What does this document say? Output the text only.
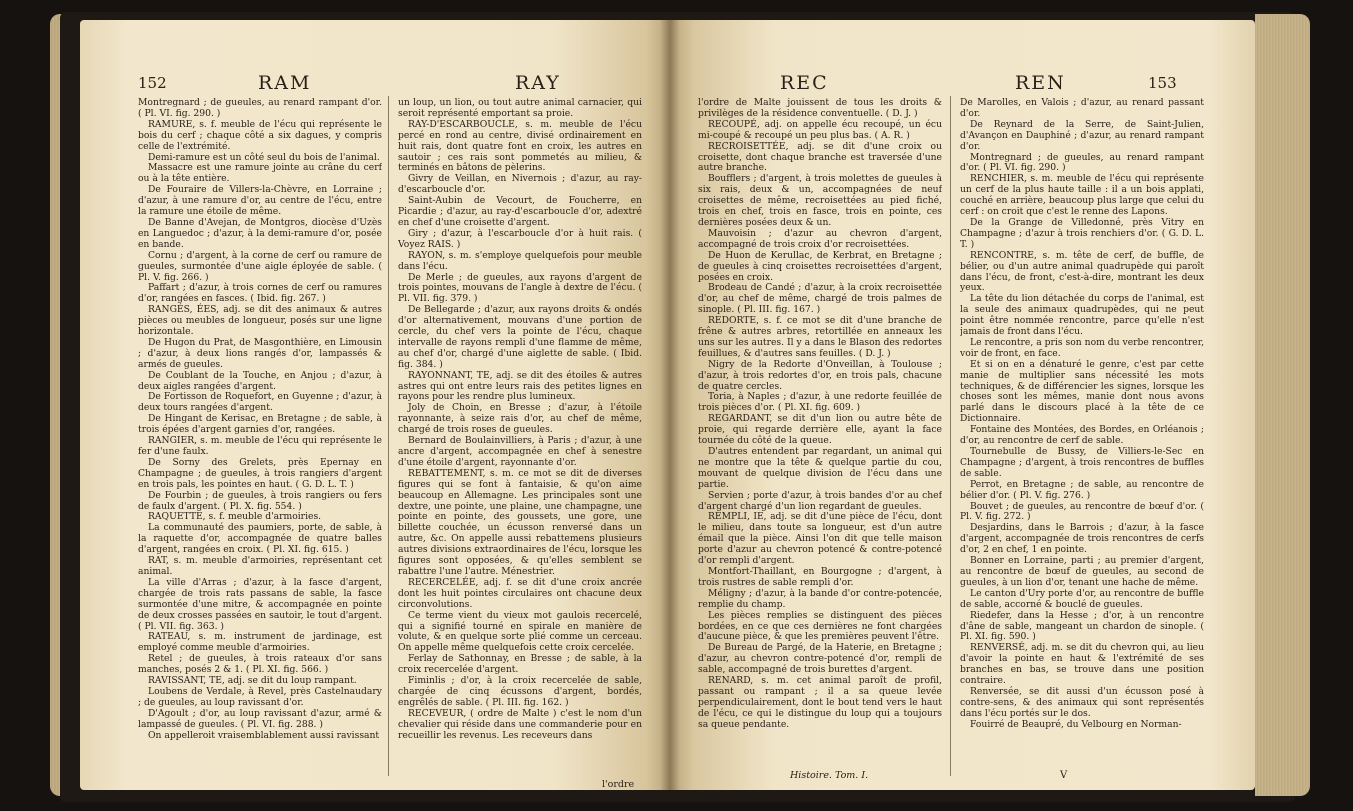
152	RAM	RAY

Montregnard ; de gueules, au renard rampant d'or. ( Pl. VI. fig. 290. )

RAMURE, s. f. meuble de l'écu qui représente le bois du cerf ; chaque côté a six dagues, y compris celle de l'extrémité.

Demi-ramure est un côté seul du bois de l'animal.

Massacre est une ramure jointe au crâne du cerf ou à la tête entière.

De Fouraire de Villers-la-Chèvre, en Lorraine ; d'azur, à une ramure d'or, au centre de l'écu, entre la ramure une étoile de même.

De Banne d'Avejan, de Montgros, diocèse d'Uzès en Languedoc ; d'azur, à la demi-ramure d'or, posée en bande.

Cornu ; d'argent, à la corne de cerf ou ramure de gueules, surmontée d'une aigle éployée de sable. ( Pl. V. fig. 266. )

Paffart ; d'azur, à trois cornes de cerf ou ramures d'or, rangées en fasces. ( Ibid. fig. 267. )

RANGÉS, ÉES, adj. se dit des animaux & autres pièces ou meubles de longueur, posés sur une ligne horizontale.

De Hugon du Prat, de Masgonthière, en Limousin ; d'azur, à deux lions rangés d'or, lampassés & armés de gueules.

De Coublant de la Touche, en Anjou ; d'azur, à deux aigles rangées d'argent.

De Fortisson de Roquefort, en Guyenne ; d'azur, à deux tours rangées d'argent.

De Hingant de Kerisac, en Bretagne ; de sable, à trois épées d'argent garnies d'or, rangées.

RANGIER, s. m. meuble de l'écu qui représente le fer d'une faulx.

De Sorny des Grelets, près Epernay en Champagne ; de gueules, à trois rangiers d'argent en trois pals, les pointes en haut. ( G. D. L. T. )

De Fourbin ; de gueules, à trois rangiers ou fers de faulx d'argent. ( Pl. X. fig. 554. )

RAQUETTE, s. f. meuble d'armoiries.

La communauté des paumiers, porte, de sable, à la raquette d'or, accompagnée de quatre balles d'argent, rangées en croix. ( Pl. XI. fig. 615. )

RAT, s. m. meuble d'armoiries, représentant cet animal.

La ville d'Arras ; d'azur, à la fasce d'argent, chargée de trois rats passans de sable, la fasce surmontée d'une mitre, & accompagnée en pointe de deux crosses passées en sautoir, le tout d'argent. ( Pl. VII. fig. 363. )

RATEAU, s. m. instrument de jardinage, est employé comme meuble d'armoiries.

Retel ; de gueules, à trois rateaux d'or sans manches, posés 2 & 1. ( Pl. XI. fig. 566. )

RAVISSANT, TE, adj. se dit du loup rampant.

Loubens de Verdale, à Revel, près Castelnaudary ; de gueules, au loup ravissant d'or.

D'Agoult ; d'or, au loup ravissant d'azur, armé & lampassé de gueules. ( Pl. VI. fig. 288. )

On appelleroit vraisemblablement aussi ravissant

un loup, un lion, ou tout autre animal carnacier, qui seroit représenté emportant sa proie.

RAY-D'ESCARBOUCLE, s. m. meuble de l'écu percé en rond au centre, divisé ordinairement en huit rais, dont quatre font en croix, les autres en sautoir ; ces rais sont pommetés au milieu, & terminés en bâtons de pèlerins.

Givry de Veillan, en Nivernois ; d'azur, au ray-d'escarboucle d'or.

Saint-Aubin de Vecourt, de Foucherre, en Picardie ; d'azur, au ray-d'escarboucle d'or, adextré en chef d'une croisette d'argent.

Giry ; d'azur, à l'escarboucle d'or à huit rais. ( Voyez RAIS. )

RAYON, s. m. s'employe quelquefois pour meuble dans l'écu.

De Merle ; de gueules, aux rayons d'argent de trois pointes, mouvans de l'angle à dextre de l'écu. ( Pl. VII. fig. 379. )

De Bellegarde ; d'azur, aux rayons droits & ondés d'or alternativement, mouvans d'une portion de cercle, du chef vers la pointe de l'écu, chaque intervalle de rayons rempli d'une flamme de même, au chef d'or, chargé d'une aiglette de sable. ( Ibid. fig. 384. )

RAYONNANT, TE, adj. se dit des étoiles & autres astres qui ont entre leurs rais des petites lignes en rayons pour les rendre plus lumineux.

Joly de Choin, en Bresse ; d'azur, à l'étoile rayonnante, à seize rais d'or, au chef de même, chargé de trois roses de gueules.

Bernard de Boulainvilliers, à Paris ; d'azur, à une ancre d'argent, accompagnée en chef à senestre d'une étoile d'argent, rayonnante d'or.

REBATTEMENT, s. m. ce mot se dit de diverses figures qui se font à fantaisie, & qu'on aime beaucoup en Allemagne. Les principales sont une dextre, une pointe, une plaine, une champagne, une pointe en pointe, des goussets, une gore, une billette couchée, un écusson renversé dans un autre, &c. On appelle aussi rebattemens plusieurs autres divisions extraordinaires de l'écu, lorsque les figures sont opposées, & qu'elles semblent se rabattre l'une l'autre. Ménestrier.

RECERCELÉE, adj. f. se dit d'une croix ancrée dont les huit pointes circulaires ont chacune deux circonvolutions.

Ce terme vient du vieux mot gaulois recercelé, qui a signifié tourné en spirale en manière de volute, & en quelque sorte plié comme un cerceau. On appelle même quelquefois cette croix cercelée.

Ferlay de Sathonnay, en Bresse ; de sable, à la croix recercelée d'argent.

Fiminlis ; d'or, à la croix recercelée de sable, chargée de cinq écussons d'argent, bordés, engrêlés de sable. ( Pl. III. fig. 162. )

RECEVEUR, ( ordre de Malte ) c'est le nom d'un chevalier qui réside dans une commanderie pour en recueillir les revenus. Les receveurs dans

l'ordre
REC	REN	153

l'ordre de Malte jouissent de tous les droits & privilèges de la résidence conventuelle. ( D. J. )

RECOUPÉ, adj. on appelle écu recoupé, un écu mi-coupé & recoupé un peu plus bas. ( A. R. )

RECROISETTÉE, adj. se dit d'une croix ou croisette, dont chaque branche est traversée d'une autre branche.

Boufflers ; d'argent, à trois molettes de gueules à six rais, deux & un, accompagnées de neuf croisettes de même, recroisettées au pied fiché, trois en chef, trois en fasce, trois en pointe, ces dernières posées deux & un.

Mauvoisin ; d'azur au chevron d'argent, accompagné de trois croix d'or recroisettées.

De Huon de Kerullac, de Kerbrat, en Bretagne ; de gueules à cinq croisettes recroisettées d'argent, posées en croix.

Brodeau de Candé ; d'azur, à la croix recroisettée d'or, au chef de même, chargé de trois palmes de sinople. ( Pl. III. fig. 167. )

REDORTE, s. f. ce mot se dit d'une branche de frêne & autres arbres, retortillée en anneaux les uns sur les autres. Il y a dans le Blason des redortes feuillues, & d'autres sans feuilles. ( D. J. )

Nigry de la Redorte d'Onveillan, à Toulouse ; d'azur, à trois redortes d'or, en trois pals, chacune de quatre cercles.

Toria, à Naples ; d'azur, à une redorte feuillée de trois pièces d'or. ( Pl. XI. fig. 609. )

REGARDANT, se dit d'un lion ou autre bête de proie, qui regarde derrière elle, ayant la face tournée du côté de la queue.

D'autres entendent par regardant, un animal qui ne montre que la tête & quelque partie du cou, mouvant de quelque division de l'écu dans une partie.

Servien ; porte d'azur, à trois bandes d'or au chef d'argent chargé d'un lion regardant de gueules.

REMPLI, IE, adj. se dit d'une pièce de l'écu, dont le milieu, dans toute sa longueur, est d'un autre émail que la pièce. Ainsi l'on dit que telle maison porte d'azur au chevron potencé & contre-potencé d'or rempli d'argent.

Montfort-Thaillant, en Bourgogne ; d'argent, à trois rustres de sable rempli d'or.

Méligny ; d'azur, à la bande d'or contre-potencée, remplie du champ.

Les pièces remplies se distinguent des pièces bordées, en ce que ces dernières ne font chargées d'aucune pièce, & que les premières peuvent l'être.

De Bureau de Pargé, de la Haterie, en Bretagne ; d'azur, au chevron contre-potencé d'or, rempli de sable, accompagné de trois burettes d'argent.

RENARD, s. m. cet animal paroît de profil, passant ou rampant ; il a sa queue levée perpendiculairement, dont le bout tend vers le haut de l'écu, ce qui le distingue du loup qui a toujours sa queue pendante.

De Marolles, en Valois ; d'azur, au renard passant d'or.

De Reynard de la Serre, de Saint-Julien, d'Avançon en Dauphiné ; d'azur, au renard rampant d'or.

Montregnard ; de gueules, au renard rampant d'or. ( Pl. VI. fig. 290. )

RENCHIER, s. m. meuble de l'écu qui représente un cerf de la plus haute taille : il a un bois applati, couché en arrière, beaucoup plus large que celui du cerf : on croit que c'est le renne des Lapons.

De la Grange de Villedonné, près Vitry en Champagne ; d'azur à trois renchiers d'or. ( G. D. L. T. )

RENCONTRE, s. m. tête de cerf, de buffle, de bélier, ou d'un autre animal quadrupède qui paroît dans l'écu, de front, c'est-à-dire, montrant les deux yeux.

La tête du lion détachée du corps de l'animal, est la seule des animaux quadrupèdes, qui ne peut point être nommée rencontre, parce qu'elle n'est jamais de front dans l'écu.

Le rencontre, a pris son nom du verbe rencontrer, voir de front, en face.

Et si on en a dénaturé le genre, c'est par cette manie de multiplier sans nécessité les mots techniques, & de différencier les signes, lorsque les choses sont les mêmes, manie dont nous avons parlé dans le discours placé à la tête de ce Dictionnaire.

Fontaine des Montées, des Bordes, en Orléanois ; d'or, au rencontre de cerf de sable.

Tournebulle de Bussy, de Villiers-le-Sec en Champagne ; d'argent, à trois rencontres de buffles de sable.

Perrot, en Bretagne ; de sable, au rencontre de bélier d'or. ( Pl. V. fig. 276. )

Bouvet ; de gueules, au rencontre de bœuf d'or. ( Pl. V. fig. 272. )

Desjardins, dans le Barrois ; d'azur, à la fasce d'argent, accompagnée de trois rencontres de cerfs d'or, 2 en chef, 1 en pointe.

Bonner en Lorraine, parti ; au premier d'argent, au rencontre de bœuf de gueules, au second de gueules, à un lion d'or, tenant une hache de même.

Le canton d'Ury porte d'or, au rencontre de buffle de sable, accorné & bouclé de gueules.

Riedefer, dans la Hesse ; d'or, à un rencontre d'âne de sable, mangeant un chardon de sinople. ( Pl. XI. fig. 590. )

RENVERSÉ, adj. m. se dit du chevron qui, au lieu d'avoir la pointe en haut & l'extrémité de ses branches en bas, se trouve dans une position contraire.

Renversée, se dit aussi d'un écusson posé à contre-sens, & des animaux qui sont représentés dans l'écu portés sur le dos.

Fouirré de Beaupré, du Velbourg en Norman-

Histoire. Tom. I.	V
